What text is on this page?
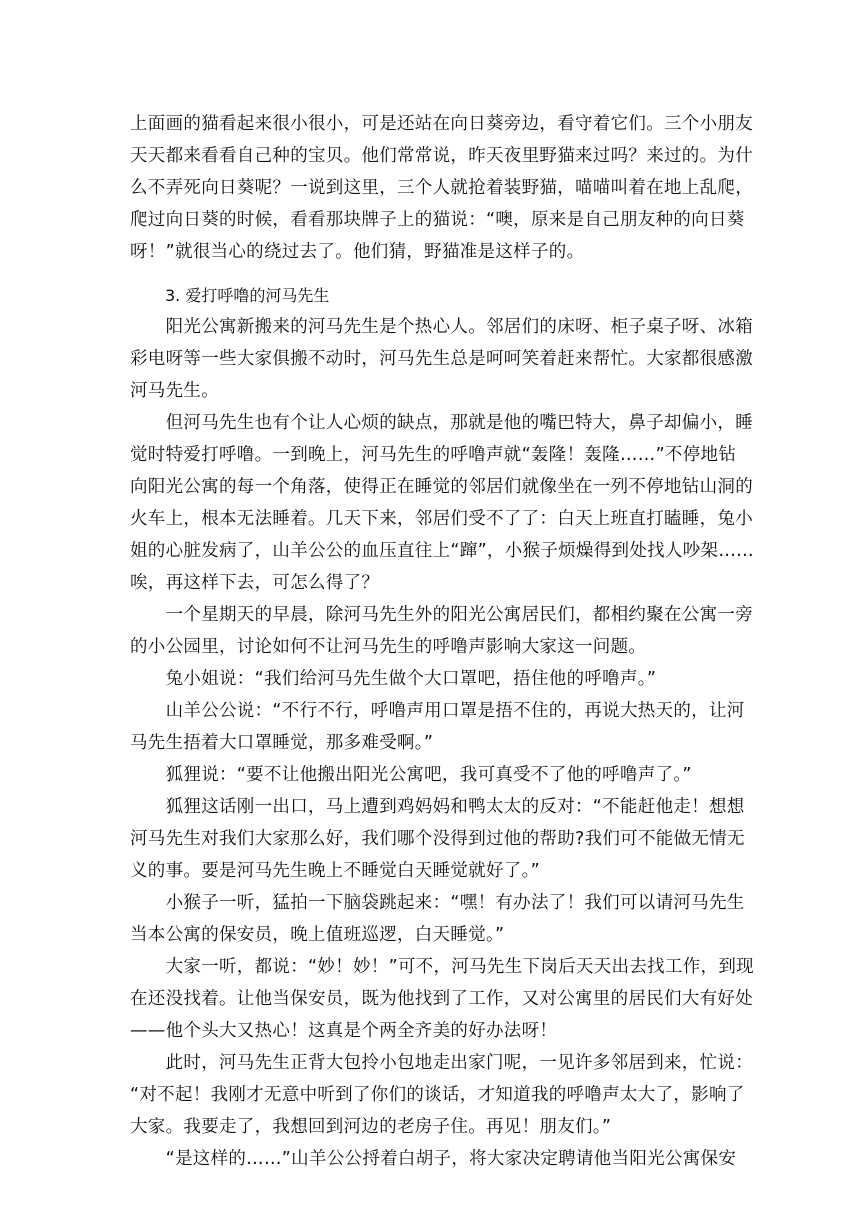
上面画的猫看起来很小很小，可是还站在向日葵旁边，看守着它们。三个小朋友
天天都来看看自己种的宝贝。他们常常说，昨天夜里野猫来过吗？来过的。为什
么不弄死向日葵呢？一说到这里，三个人就抢着装野猫，喵喵叫着在地上乱爬，
爬过向日葵的时候，看看那块牌子上的猫说：“噢，原来是自己朋友种的向日葵
呀！”就很当心的绕过去了。他们猜，野猫准是这样子的。
3. 爱打呼噜的河马先生
　　阳光公寓新搬来的河马先生是个热心人。邻居们的床呀、柜子桌子呀、冰箱
彩电呀等一些大家俱搬不动时，河马先生总是呵呵笑着赶来帮忙。大家都很感激
河马先生。
　　但河马先生也有个让人心烦的缺点，那就是他的嘴巴特大，鼻子却偏小，睡
觉时特爱打呼噜。一到晚上，河马先生的呼噜声就“轰隆！轰隆……”不停地钻
向阳光公寓的每一个角落，使得正在睡觉的邻居们就像坐在一列不停地钻山洞的
火车上，根本无法睡着。几天下来，邻居们受不了了：白天上班直打瞌睡，兔小
姐的心脏发病了，山羊公公的血压直往上“蹿”，小猴子烦燥得到处找人吵架……
唉，再这样下去，可怎么得了？
　　一个星期天的早晨，除河马先生外的阳光公寓居民们，都相约聚在公寓一旁
的小公园里，讨论如何不让河马先生的呼噜声影响大家这一问题。
　　兔小姐说：“我们给河马先生做个大口罩吧，捂住他的呼噜声。”
　　山羊公公说：“不行不行，呼噜声用口罩是捂不住的，再说大热天的，让河
马先生捂着大口罩睡觉，那多难受啊。”
　　狐狸说：“要不让他搬出阳光公寓吧，我可真受不了他的呼噜声了。”
　　狐狸这话刚一出口，马上遭到鸡妈妈和鸭太太的反对：“不能赶他走！想想
河马先生对我们大家那么好，我们哪个没得到过他的帮助?我们可不能做无情无
义的事。要是河马先生晚上不睡觉白天睡觉就好了。”
　　小猴子一听，猛拍一下脑袋跳起来：“嘿！有办法了！我们可以请河马先生
当本公寓的保安员，晚上值班巡逻，白天睡觉。”
　　大家一听，都说：“妙！妙！”可不，河马先生下岗后天天出去找工作，到现
在还没找着。让他当保安员，既为他找到了工作，又对公寓里的居民们大有好处
——他个头大又热心！这真是个两全齐美的好办法呀！
　　此时，河马先生正背大包拎小包地走出家门呢，一见许多邻居到来，忙说：
“对不起！我刚才无意中听到了你们的谈话，才知道我的呼噜声太大了，影响了
大家。我要走了，我想回到河边的老房子住。再见！朋友们。”
　　“是这样的……”山羊公公捋着白胡子，将大家决定聘请他当阳光公寓保安
